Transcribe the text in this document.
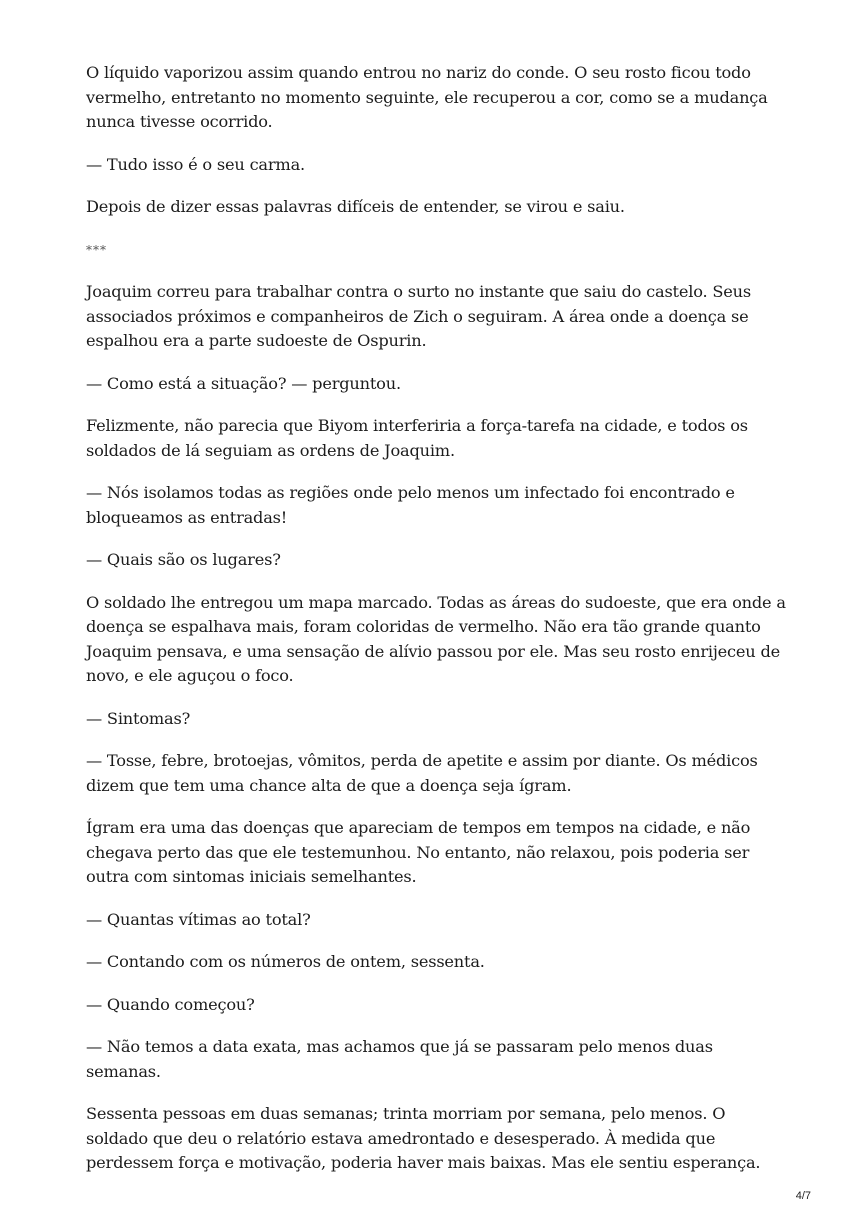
O líquido vaporizou assim quando entrou no nariz do conde. O seu rosto ficou todo vermelho, entretanto no momento seguinte, ele recuperou a cor, como se a mudança nunca tivesse ocorrido.

— Tudo isso é o seu carma.

Depois de dizer essas palavras difíceis de entender, se virou e saiu.

***

Joaquim correu para trabalhar contra o surto no instante que saiu do castelo. Seus associados próximos e companheiros de Zich o seguiram. A área onde a doença se espalhou era a parte sudoeste de Ospurin.

— Como está a situação? — perguntou.

Felizmente, não parecia que Biyom interferiria a força-tarefa na cidade, e todos os soldados de lá seguiam as ordens de Joaquim.

— Nós isolamos todas as regiões onde pelo menos um infectado foi encontrado e bloqueamos as entradas!

— Quais são os lugares?

O soldado lhe entregou um mapa marcado. Todas as áreas do sudoeste, que era onde a doença se espalhava mais, foram coloridas de vermelho. Não era tão grande quanto Joaquim pensava, e uma sensação de alívio passou por ele. Mas seu rosto enrijeceu de novo, e ele aguçou o foco.

— Sintomas?

— Tosse, febre, brotoejas, vômitos, perda de apetite e assim por diante. Os médicos dizem que tem uma chance alta de que a doença seja ígram.

Ígram era uma das doenças que apareciam de tempos em tempos na cidade, e não chegava perto das que ele testemunhou. No entanto, não relaxou, pois poderia ser outra com sintomas iniciais semelhantes.

— Quantas vítimas ao total?

— Contando com os números de ontem, sessenta.

— Quando começou?

— Não temos a data exata, mas achamos que já se passaram pelo menos duas semanas.

Sessenta pessoas em duas semanas; trinta morriam por semana, pelo menos. O soldado que deu o relatório estava amedrontado e desesperado. À medida que perdessem força e motivação, poderia haver mais baixas. Mas ele sentiu esperança.

4/7
